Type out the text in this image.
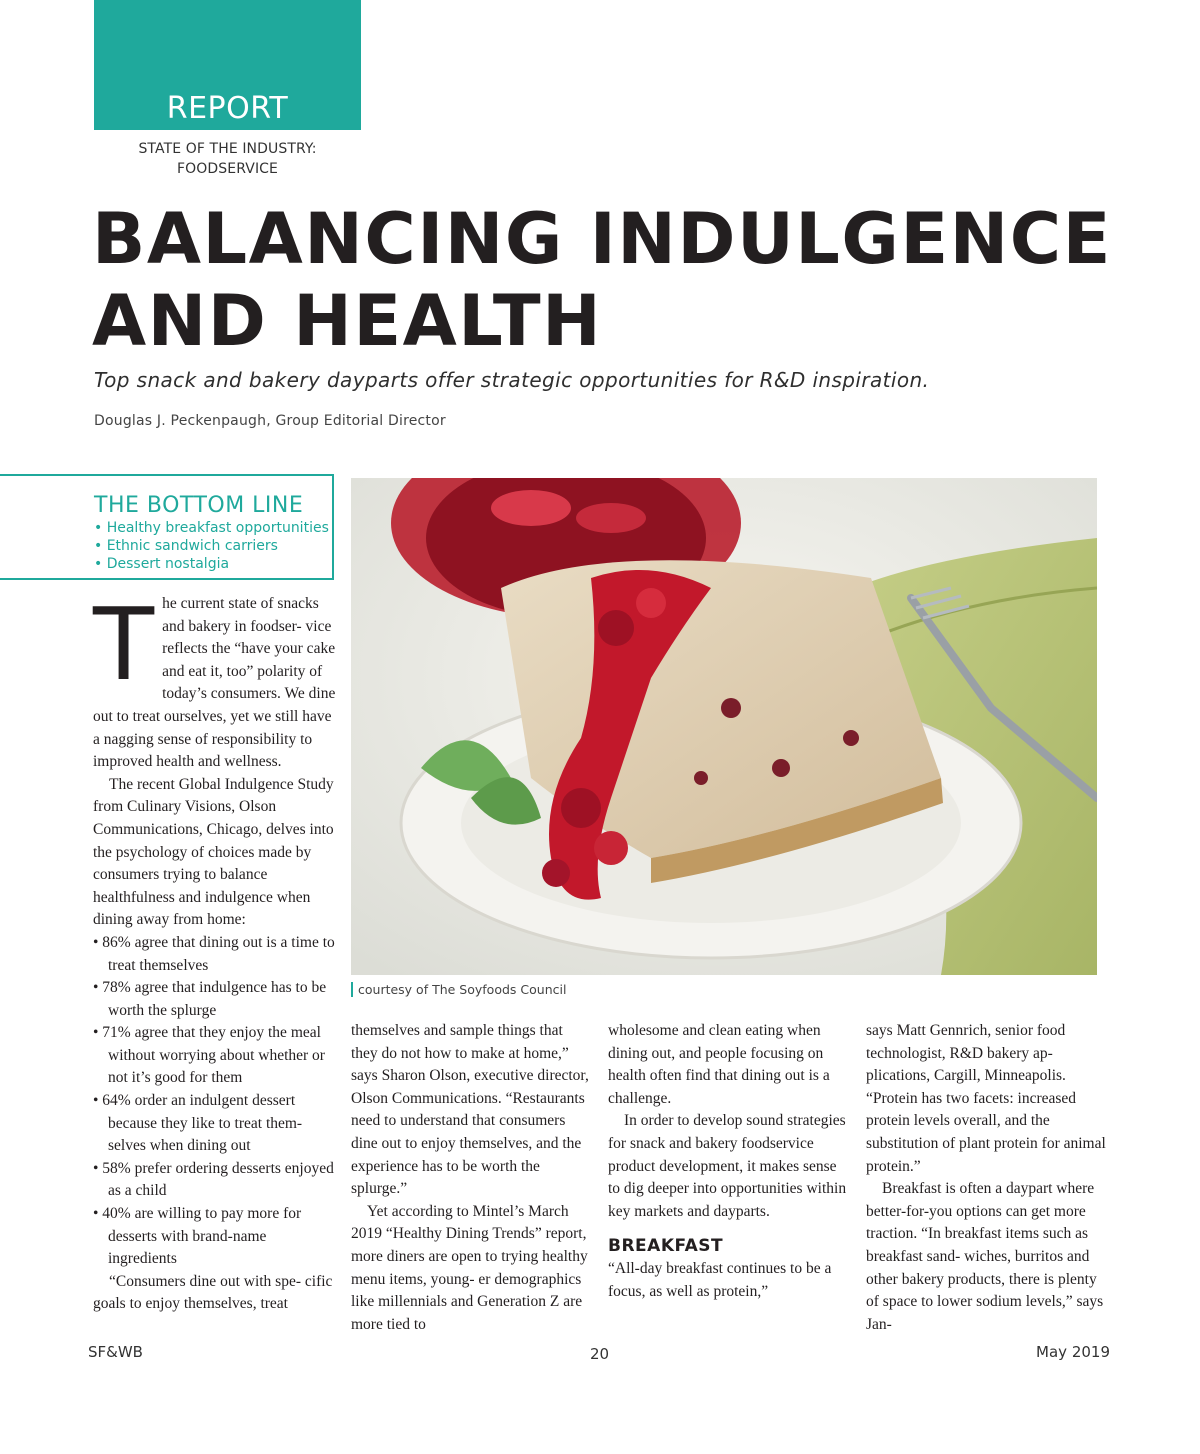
REPORT
STATE OF THE INDUSTRY:
FOODSERVICE
BALANCING INDULGENCE
AND HEALTH
Top snack and bakery dayparts offer strategic opportunities for R&D inspiration.
Douglas J. Peckenpaugh, Group Editorial Director
THE BOTTOM LINE
• Healthy breakfast opportunities
• Ethnic sandwich carriers
• Dessert nostalgia
courtesy of The Soyfoods Council

The current state of snacks and bakery in foodser- vice reflects the “have your cake and eat it, too” polarity of today’s consumers. We dine out to treat ourselves, yet we still have a nagging sense of responsibility to improved health and wellness.

The recent Global Indulgence Study from Culinary Visions, Olson Communications, Chicago, delves into the psychology of choices made by consumers trying to balance healthfulness and indulgence when dining away from home:

• 86% agree that dining out is a time to treat themselves
• 78% agree that indulgence has to be worth the splurge
• 71% agree that they enjoy the meal without worrying about whether or not it’s good for them
• 64% order an indulgent dessert because they like to treat them- selves when dining out
• 58% prefer ordering desserts enjoyed as a child
• 40% are willing to pay more for desserts with brand-name ingredients

“Consumers dine out with spe- cific goals to enjoy themselves, treat

themselves and sample things that they do not how to make at home,” says Sharon Olson, executive director, Olson Communications. “Restaurants need to understand that consumers dine out to enjoy themselves, and the experience has to be worth the splurge.”

Yet according to Mintel’s March 2019 “Healthy Dining Trends” report, more diners are open to trying healthy menu items, young- er demographics like millennials and Generation Z are more tied to

wholesome and clean eating when dining out, and people focusing on health often find that dining out is a challenge.

In order to develop sound strategies for snack and bakery foodservice product development, it makes sense to dig deeper into opportunities within key markets and dayparts.

BREAKFAST

“All-day breakfast continues to be a focus, as well as protein,”

says Matt Gennrich, senior food technologist, R&D bakery ap- plications, Cargill, Minneapolis. “Protein has two facets: increased protein levels overall, and the substitution of plant protein for animal protein.”

Breakfast is often a daypart where better-for-you options can get more traction. “In breakfast items such as breakfast sand- wiches, burritos and other bakery products, there is plenty of space to lower sodium levels,” says Jan-

SF&WB	20	May 2019
